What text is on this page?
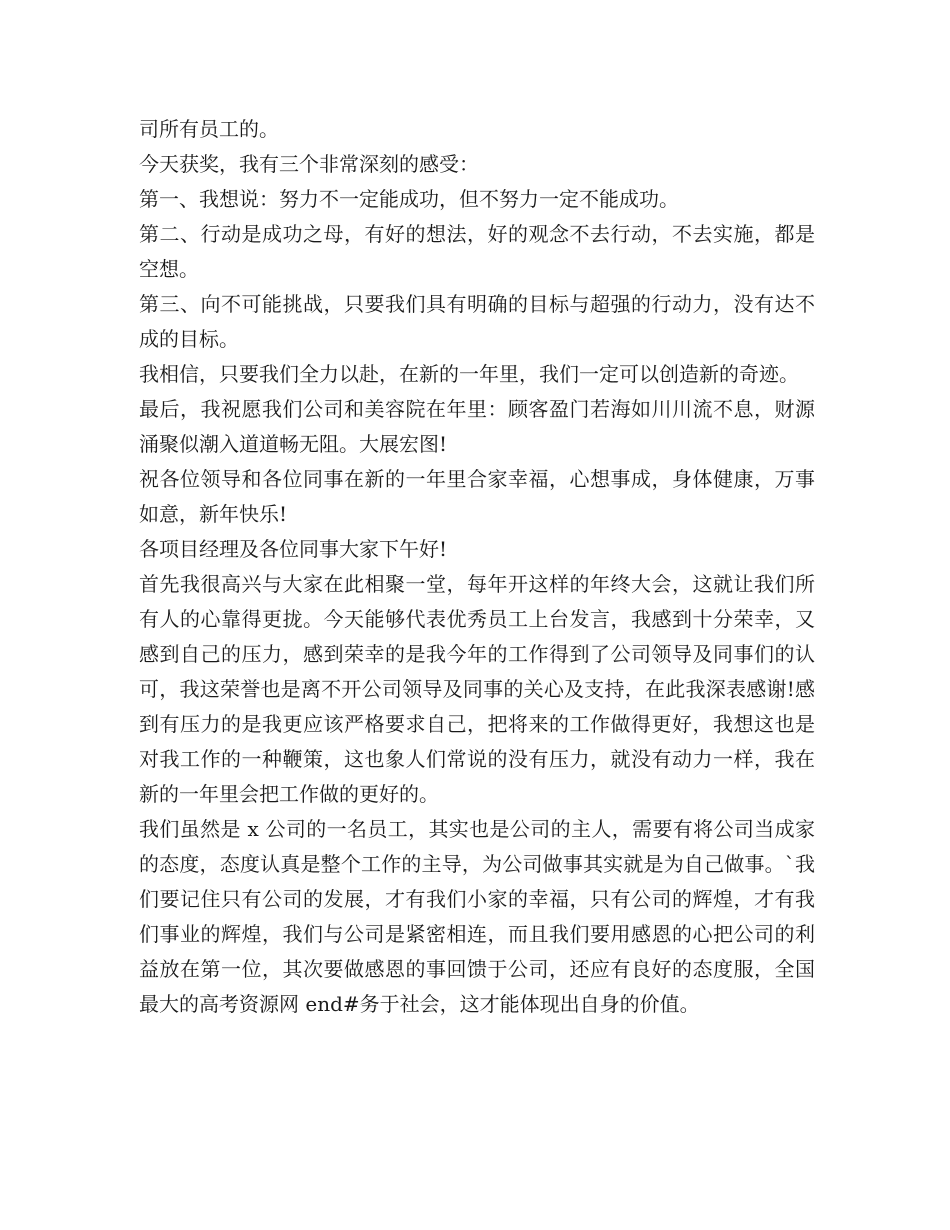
司所有员工的。

今天获奖，我有三个非常深刻的感受：

第一、我想说：努力不一定能成功，但不努力一定不能成功。

第二、行动是成功之母，有好的想法，好的观念不去行动，不去实施，都是空想。

第三、向不可能挑战，只要我们具有明确的目标与超强的行动力，没有达不成的目标。

我相信，只要我们全力以赴，在新的一年里，我们一定可以创造新的奇迹。

最后，我祝愿我们公司和美容院在年里：顾客盈门若海如川川流不息，财源涌聚似潮入道道畅无阻。大展宏图!

祝各位领导和各位同事在新的一年里合家幸福，心想事成，身体健康，万事如意，新年快乐!

各项目经理及各位同事大家下午好!

首先我很高兴与大家在此相聚一堂，每年开这样的年终大会，这就让我们所有人的心靠得更拢。今天能够代表优秀员工上台发言，我感到十分荣幸，又感到自己的压力，感到荣幸的是我今年的工作得到了公司领导及同事们的认可，我这荣誉也是离不开公司领导及同事的关心及支持，在此我深表感谢!感到有压力的是我更应该严格要求自己，把将来的工作做得更好，我想这也是对我工作的一种鞭策，这也象人们常说的没有压力，就没有动力一样，我在新的一年里会把工作做的更好的。

我们虽然是 x 公司的一名员工，其实也是公司的主人，需要有将公司当成家的态度，态度认真是整个工作的主导，为公司做事其实就是为自己做事。`我们要记住只有公司的发展，才有我们小家的幸福，只有公司的辉煌，才有我们事业的辉煌，我们与公司是紧密相连，而且我们要用感恩的心把公司的利益放在第一位，其次要做感恩的事回馈于公司，还应有良好的态度服，全国最大的高考资源网 end#务于社会，这才能体现出自身的价值。
